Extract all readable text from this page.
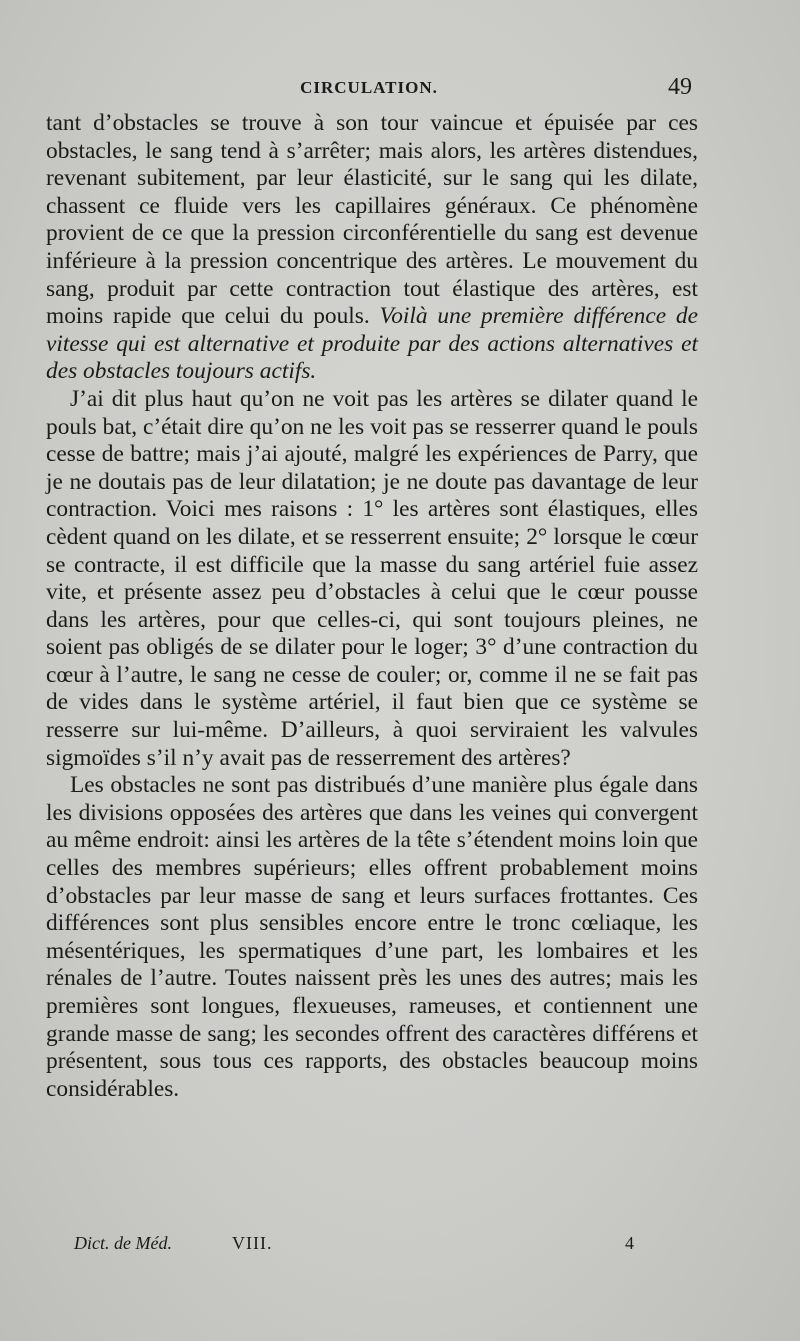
CIRCULATION.	49

tant d’obstacles se trouve à son tour vaincue et épuisée par ces obstacles, le sang tend à s’arrêter; mais alors, les artères distendues, revenant subitement, par leur élasticité, sur le sang qui les dilate, chassent ce fluide vers les capillaires généraux. Ce phénomène provient de ce que la pression circonférentielle du sang est devenue inférieure à la pression concentrique des artères. Le mouvement du sang, produit par cette contraction tout élastique des artères, est moins rapide que celui du pouls. Voilà une première différence de vitesse qui est alternative et produite par des actions alternatives et des obstacles toujours actifs.

J’ai dit plus haut qu’on ne voit pas les artères se dilater quand le pouls bat, c’était dire qu’on ne les voit pas se resserrer quand le pouls cesse de battre; mais j’ai ajouté, malgré les expériences de Parry, que je ne doutais pas de leur dilatation; je ne doute pas davantage de leur contraction. Voici mes raisons : 1° les artères sont élastiques, elles cèdent quand on les dilate, et se resserrent ensuite; 2° lorsque le cœur se contracte, il est difficile que la masse du sang artériel fuie assez vite, et présente assez peu d’obstacles à celui que le cœur pousse dans les artères, pour que celles-ci, qui sont toujours pleines, ne soient pas obligés de se dilater pour le loger; 3° d’une contraction du cœur à l’autre, le sang ne cesse de couler; or, comme il ne se fait pas de vides dans le système artériel, il faut bien que ce système se resserre sur lui-même. D’ailleurs, à quoi serviraient les valvules sigmoïdes s’il n’y avait pas de resserrement des artères?

Les obstacles ne sont pas distribués d’une manière plus égale dans les divisions opposées des artères que dans les veines qui convergent au même endroit: ainsi les artères de la tête s’étendent moins loin que celles des membres supérieurs; elles offrent probablement moins d’obstacles par leur masse de sang et leurs surfaces frottantes. Ces différences sont plus sensibles encore entre le tronc cœliaque, les mésentériques, les spermatiques d’une part, les lombaires et les rénales de l’autre. Toutes naissent près les unes des autres; mais les premières sont longues, flexueuses, rameuses, et contiennent une grande masse de sang; les secondes offrent des caractères différens et présentent, sous tous ces rapports, des obstacles beaucoup moins considérables.

Dict. de Méd.	VIII.	4
